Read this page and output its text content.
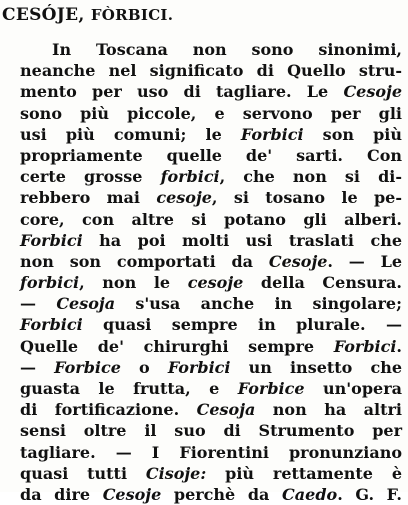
CESÓJE, FÒRBICI.
In Toscana non sono sinonimi,
neanche nel significato di Quello stru-
mento per uso di tagliare. Le Cesoje
sono più piccole, e servono per gli
usi più comuni; le Forbici son più
propriamente quelle de' sarti. Con
certe grosse forbici, che non si di-
rebbero mai cesoje, si tosano le pe-
core, con altre si potano gli alberi.
Forbici ha poi molti usi traslati che
non son comportati da Cesoje. — Le
forbici, non le cesoje della Censura.
— Cesoja s'usa anche in singolare;
Forbici quasi sempre in plurale. —
Quelle de' chirurghi sempre Forbici.
— Forbice o Forbici un insetto che
guasta le frutta, e Forbice un'opera
di fortificazione. Cesoja non ha altri
sensi oltre il suo di Strumento per
tagliare. — I Fiorentini pronunziano
quasi tutti Cisoje: più rettamente è
da dire Cesoje perchè da Caedo. G. F.
